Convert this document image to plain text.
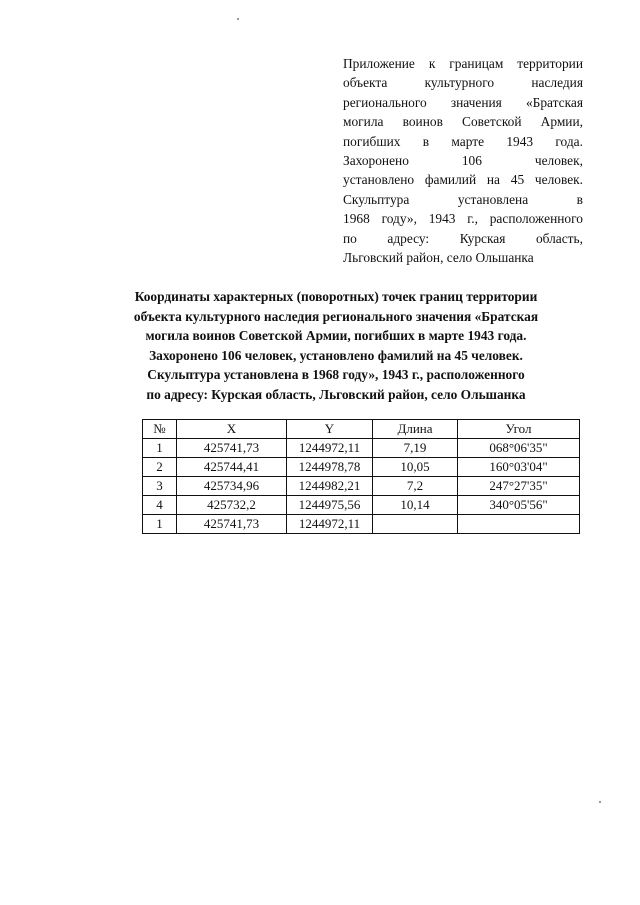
Приложение к границам территории
объекта	культурного	наследия
регионального значения «Братская
могила воинов Советской Армии,
погибших в марте 1943 года.
Захоронено	106	человек,
установлено фамилий на 45 человек.
Скульптура	установлена	в
1968 году», 1943 г., расположенного
по адресу: Курская область,
Льговский район, село Ольшанка
Координаты характерных (поворотных) точек границ территории
объекта культурного наследия регионального значения «Братская
могила воинов Советской Армии, погибших в марте 1943 года.
Захоронено 106 человек, установлено фамилий на 45 человек.
Скульптура установлена в 1968 году», 1943 г., расположенного
по адресу: Курская область, Льговский район, село Ольшанка
№	X	Y	Длина	Угол
1	425741,73	1244972,11	7,19	068°06'35"
2	425744,41	1244978,78	10,05	160°03'04"
3	425734,96	1244982,21	7,2	247°27'35"
4	425732,2	1244975,56	10,14	340°05'56"
1	425741,73	1244972,11		
